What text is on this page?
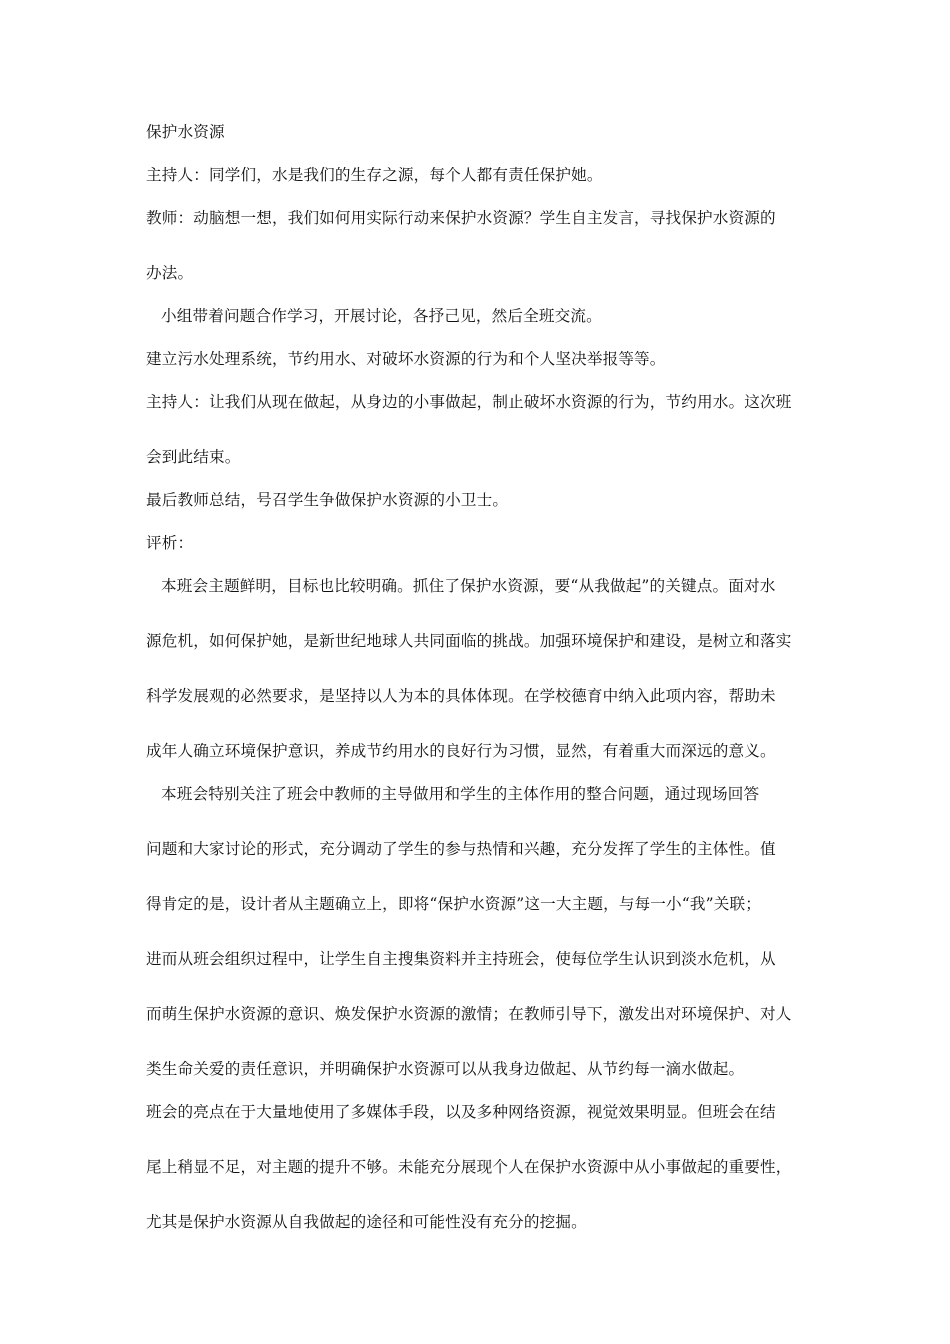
保护水资源

主持人：同学们，水是我们的生存之源，每个人都有责任保护她。

教师：动脑想一想，我们如何用实际行动来保护水资源？学生自主发言，寻找保护水资源的

办法。

小组带着问题合作学习，开展讨论，各抒己见，然后全班交流。

建立污水处理系统，节约用水、对破坏水资源的行为和个人坚决举报等等。

主持人：让我们从现在做起，从身边的小事做起，制止破坏水资源的行为，节约用水。这次班

会到此结束。

最后教师总结，号召学生争做保护水资源的小卫士。

评析：

本班会主题鲜明，目标也比较明确。抓住了保护水资源，要“从我做起”的关键点。面对水

源危机，如何保护她，是新世纪地球人共同面临的挑战。加强环境保护和建设，是树立和落实

科学发展观的必然要求，是坚持以人为本的具体体现。在学校德育中纳入此项内容，帮助未

成年人确立环境保护意识，养成节约用水的良好行为习惯，显然，有着重大而深远的意义。

本班会特别关注了班会中教师的主导做用和学生的主体作用的整合问题，通过现场回答

问题和大家讨论的形式，充分调动了学生的参与热情和兴趣，充分发挥了学生的主体性。值

得肯定的是，设计者从主题确立上，即将“保护水资源”这一大主题，与每一小“我”关联；

进而从班会组织过程中，让学生自主搜集资料并主持班会，使每位学生认识到淡水危机，从

而萌生保护水资源的意识、焕发保护水资源的激情；在教师引导下，激发出对环境保护、对人

类生命关爱的责任意识，并明确保护水资源可以从我身边做起、从节约每一滴水做起。

班会的亮点在于大量地使用了多媒体手段，以及多种网络资源，视觉效果明显。但班会在结

尾上稍显不足，对主题的提升不够。未能充分展现个人在保护水资源中从小事做起的重要性，

尤其是保护水资源从自我做起的途径和可能性没有充分的挖掘。
